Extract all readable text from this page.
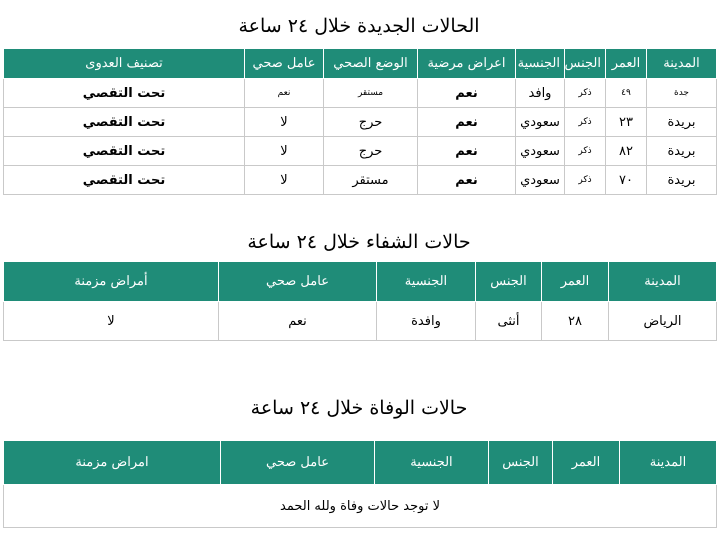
الحالات الجديدة خلال ٢٤ ساعة
المدينة	العمر	الجنس	الجنسية	اعراض مرضية	الوضع الصحي	عامل صحي	تصنيف العدوى
جدة	٤٩	ذكر	وافد	نعم	مستقر	نعم	تحت التقصي
بريدة	٢٣	ذكر	سعودي	نعم	حرج	لا	تحت التقصي
بريدة	٨٢	ذكر	سعودي	نعم	حرج	لا	تحت التقصي
بريدة	٧٠	ذكر	سعودي	نعم	مستقر	لا	تحت التقصي
حالات الشفاء خلال ٢٤ ساعة
المدينة	العمر	الجنس	الجنسية	عامل صحي	أمراض مزمنة
الرياض	٢٨	أنثى	وافدة	نعم	لا
حالات الوفاة خلال ٢٤ ساعة
المدينة	العمر	الجنس	الجنسية	عامل صحي	امراض مزمنة
لا توجد حالات وفاة ولله الحمد
